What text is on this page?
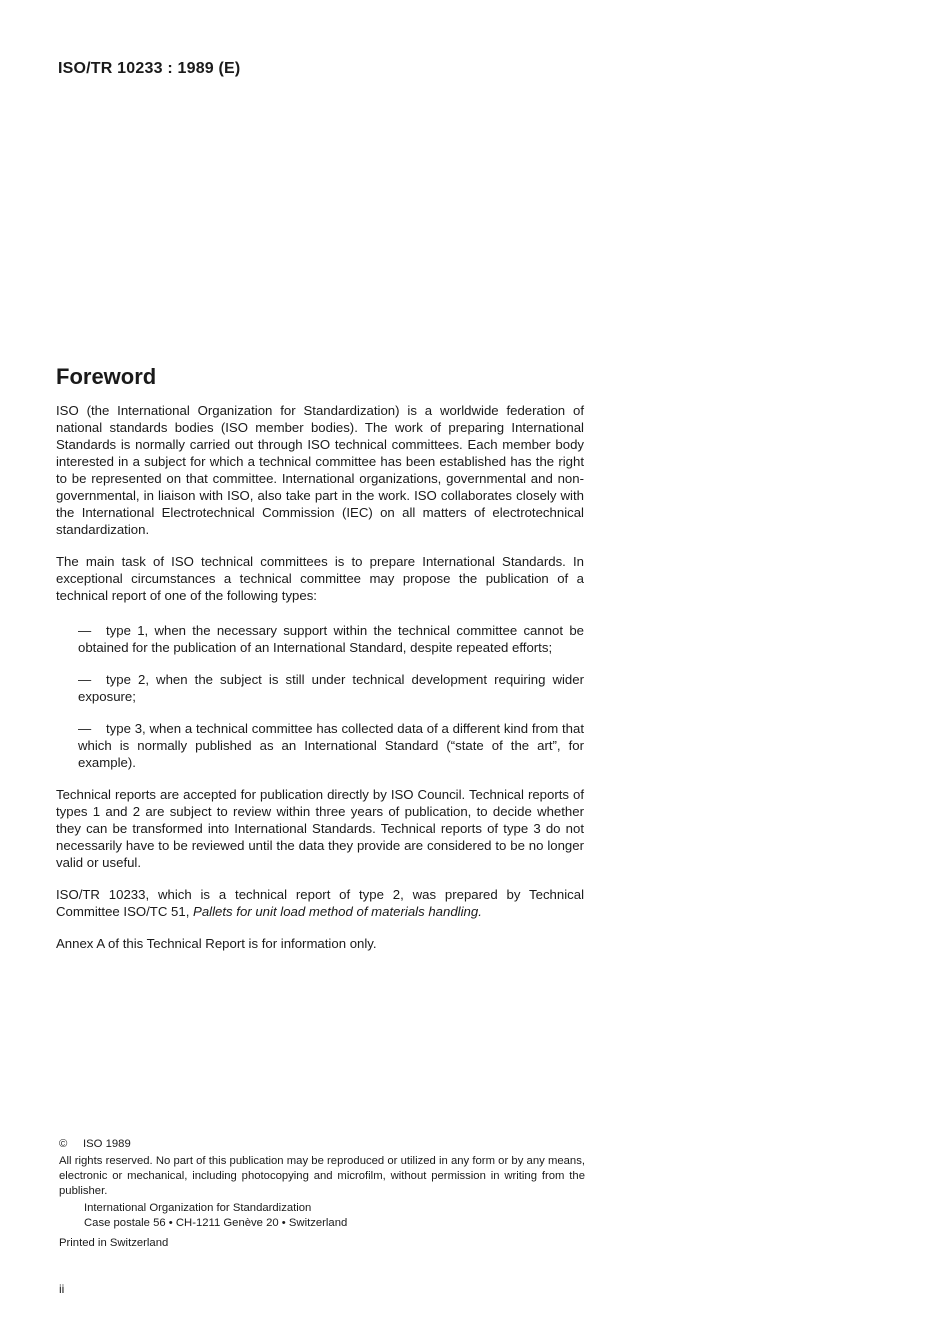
ISO/TR 10233 : 1989 (E)
Foreword

ISO (the International Organization for Standardization) is a worldwide federation of national standards bodies (ISO member bodies). The work of preparing International Standards is normally carried out through ISO technical committees. Each member body interested in a subject for which a technical committee has been established has the right to be represented on that committee. International organizations, governmental and non-governmental, in liaison with ISO, also take part in the work. ISO collaborates closely with the International Electrotechnical Commission (IEC) on all matters of electrotechnical standardization.

The main task of ISO technical committees is to prepare International Standards. In exceptional circumstances a technical committee may propose the publication of a technical report of one of the following types:

— type 1, when the necessary support within the technical committee cannot be obtained for the publication of an International Standard, despite repeated efforts;
— type 2, when the subject is still under technical development requiring wider exposure;
— type 3, when a technical committee has collected data of a different kind from that which is normally published as an International Standard (“state of the art”, for example).

Technical reports are accepted for publication directly by ISO Council. Technical reports of types 1 and 2 are subject to review within three years of publication, to decide whether they can be transformed into International Standards. Technical reports of type 3 do not necessarily have to be reviewed until the data they provide are considered to be no longer valid or useful.

ISO/TR 10233, which is a technical report of type 2, was prepared by Technical Committee ISO/TC 51, Pallets for unit load method of materials handling.

Annex A of this Technical Report is for information only.

© ISO 1989

All rights reserved. No part of this publication may be reproduced or utilized in any form or by any means, electronic or mechanical, including photocopying and microfilm, without permission in writing from the publisher.

International Organization for Standardization
Case postale 56 • CH-1211 Genève 20 • Switzerland
Printed in Switzerland
ii
